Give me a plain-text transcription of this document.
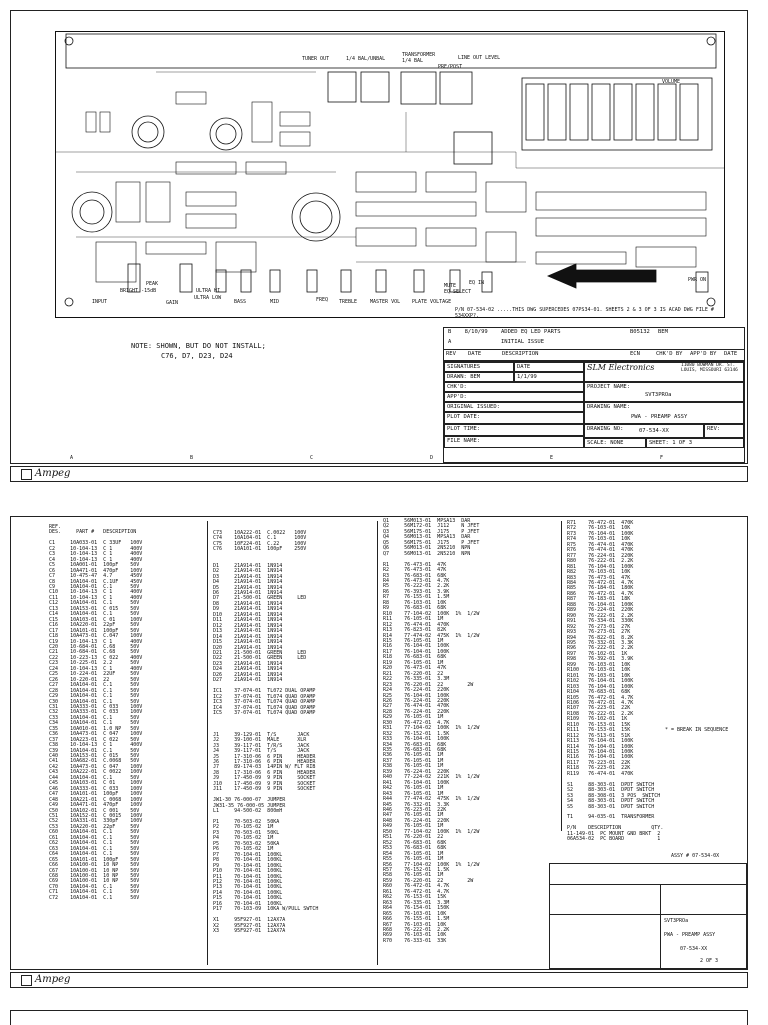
TUNER OUT	1/4 BAL/UNBAL
TRANSFORMER 1/4 BAL
PRE/POST
LINE OUT LEVEL
VOLUME
INPUT
PEAK
BRIGHT -15dB
GAIN
ULTRA HI
ULTRA LOW
BASS	MID	FREQ TREBLE	MASTER VOL PLATE VOLTAGE
MUTE
EQ SELECT
EQ IN	PWR ON
P/N 07-534-02 .....THIS DWG SUPERCEDES 07PS34-01. SHEETS 2 & 3 OF 3 IS ACAD DWG FILE # 534XXP?.
NOTE: SHOWN, BUT DO NOT INSTALL;
C76, D7, D23, D24
B 8/10/99 ADDED EQ LED PARTS	B05132 BEM
A	INITIAL ISSUE
REV DATE	DESCRIPTION	ECN	CHK'D BY APP'D BY DATE
SIGNATURES	DATE
DRAWN: BEM	1/1/99
CHK'D:
APP'D:
ORIGINAL ISSUED:
PLOT DATE:
PLOT TIME:
FILE NAME:
SLM Electronics	11080 BOWMAN DR. ST. LOUIS, MISSOURI 63146
PROJECT NAME:
SVT3PROa
DRAWING NAME:
PWA - PREAMP ASSY
DRAWING NO:	07-534-XX	REV:
SCALE: NONE	SHEET: 1 OF 3
Ampeg
A	B	C	D	E	F
REF.
DES.     PART #   DESCRIPTION

C1     10A033-01  C 33UF   100V
C2     10-104-13  C 1      400V
C3     10-104-13  C 1      400V
C4     10-104-13  C 1      400V
C5     10A001-01  100pF    50V
C6     10A471-01  470pF    100V
C7     10-475-47  4.7      450V
C8     10A104-01  C.1UF    450V
C9     10A104-01  C.1      50V
C10    10-104-13  C 1      400V
C11    10-104-13  C 1      400V
C12    10A104-01  C.1      50V
C13    10A153-01  C 015    50V
C14    10A104-01  C.1      50V
C15    10A103-01  C 01     100V
C16    10A220-01  22pF     50V
C17    10A101-01  100pF    50V
C18    10A473-01  C.047    100V
C19    10-104-13  C 1      400V
C20    10-684-01  C.68     50V
C21    10-684-01  C.68     50V
C22    10-223-13  C 022    400V
C23    10-225-01  2.2      50V
C24    10-104-13  C 1      400V
C25    10-224-01  22UF     50V
C26    10-220-01  22       50V
C27    10A104-01  C.1      50V
C28    10A104-01  C.1      50V
C29    10A104-01  C.1      50V
C30    10A104-01  C.1      50V
C31    10A333-01  C 033    100V
C32    10A333-01  C 033    100V
C33    10A104-01  C.1      50V
C34    10A104-01  C.1      50V
C35    10A010-01  1.0 NP   50V
C36    10A473-01  C 047    100V
C37    10A223-01  C 022    50V
C38    10-104-13  C 1      400V
C39    10A104-01  C.1      50V
C40    10A153-01  C 015    50V
C41    10A682-01  C.0068   50V
C42    10A473-01  C 047    100V
C43    10A222-01  C 0022   100V
C44    10A104-01  C.1      50V
C45    10A103-01  C 01     100V
C46    10A333-01  C 033    100V
C47    10A101-01  100pF    100V
C48    10A221-01  C 0068   100V
C49    10A471-01  470pF    100V
C50    10A102-01  C 001    50V
C51    10A152-01  C 0015   100V
C52    10A331-01  330pF    100V
C53    10A220-01  22pF     50V
C60    10A104-01  C.1      50V
C61    10A104-01  C.1      50V
C62    10A104-01  C.1      50V
C63    10A104-01  C.1      50V
C64    10A104-01  C.1      50V
C65    10A101-01  100pF    50V
C66    10A100-01  10 NP    50V
C67    10A100-01  10 NP    50V
C68    10A100-01  10 NP    50V
C69    10A100-01  10 NP    50V
C70    10A104-01  C.1      50V
C71    10A104-01  C.1      50V
C72    10A104-01  C.1      50V
C73    10A222-01  C.0022   100V
C74    10A104-01  C.1      100V
C75    10F224-01  C.22     100V
C76    10A101-01  100pF    250V

D1     21A914-01  1N914
D2     21A914-01  1N914
D3     21A914-01  1N914
D4     21A914-01  1N914
D5     21A914-01  1N914
D6     21A914-01  1N914
D7     21-500-01  GREEN     LED
D8     21A914-01  1N914
D9     21A914-01  1N914
D10    21A914-01  1N914
D11    21A914-01  1N914
D12    21A914-01  1N914
D13    21A914-01  1N914
D14    21A914-01  1N914
D15    21A914-01  1N914
D20    21A914-01  1N914
D21    21-500-01  GREEN     LED
D22    21-500-01  GREEN     LED
D23    21A914-01  1N914
D24    21A914-01  1N914
D26    21A914-01  1N914
D27    21A914-01  1N914

IC1    37-074-01  TL072 DUAL OPAMP
IC2    37-074-01  TL074 QUAD OPAMP
IC3    37-074-01  TL074 QUAD OPAMP
IC4    37-074-01  TL074 QUAD OPAMP
IC5    37-074-01  TL074 QUAD OPAMP

J1     39-129-01  T/S       JACK
J2     39-100-01  MALE      XLR
J3     39-117-01  T/R/S     JACK
J4     39-117-01  T/S       JACK
J5     17-310-06  6 PIN     HEADER
J6     17-310-06  6 PIN     HEADER
J7     89-174-03  14PIN W/ FLT RIB
J8     17-310-06  6 PIN     HEADER
J9     17-450-09  9 PIN     SOCKET
J10    17-450-09  9 PIN     SOCKET
J11    17-450-09  9 PIN     SOCKET

JW1-30 76-000-07  JUMPER
JW31-35 76-000-05 JUMPER
L1     94-500-02  800mH

P1     70-503-02  50KA
P2     70-105-02  1M
P3     70-503-01  50KL
P4     70-105-02  1M
P5     70-503-02  50KA
P6     70-105-02  1M
P7     70-104-01  100KL
P8     70-104-01  100KL
P9     70-104-01  100KL
P10    70-104-01  100KL
P11    70-104-01  100KL
P12    70-104-01  100KL
P13    70-104-01  100KL
P14    70-104-01  100KL
P15    70-104-01  100KL
P16    70-104-01  100KL
P17    70-103-09  10KA W/PULL SWTCH

X1     95F927-01  12AX7A
X2     95F927-01  12AX7A
X3     95F927-01  12AX7A
Q1     56M013-01  MPSA13  DAR
Q2     56M172-01  J112    N JFET
Q3     56M175-01  J175    P JFET
Q4     56M013-01  MPSA13  DAR
Q5     56M175-01  J175    P JFET
Q6     56M013-01  2N5210  NPN
Q7     56M013-01  2N5210  NPN

R1     76-473-01  47K
R2     76-473-01  47K
R3     76-683-01  68K
R4     76-473-01  4.7K
R5     76-222-01  2.2K
R6     76-393-01  3.9K
R7     76-155-01  1.5M
R8     76-103-01  10K
R9     76-683-01  68K
R10    77-104-02  100K  1%  1/2W
R11    76-105-01  1M
R12    76-474-01  470K
R13    76-823-01  82K
R14    77-474-02  475K  1%  1/2W
R15    76-105-01  1M
R16    76-104-01  100K
R17    76-104-01  100K
R18    76-683-01  68K
R19    76-105-01  1M
R20    76-473-01  47K
R21    76-220-01  22
R22    76-335-01  3.3M
R23    76-220-01  22        2W
R24    76-224-01  220K
R25    76-104-01  100K
R26    76-224-01  220K
R27    76-474-01  470K
R28    76-224-01  220K
R29    76-105-01  1M
R30    76-472-01  4.7K
R31    77-104-02  100K  1%  1/2W
R32    76-152-01  1.5K
R33    76-104-01  100K
R34    76-683-01  68K
R35    76-683-01  68K
R36    76-105-01  1M
R37    76-105-01  1M
R38    76-105-01  1M
R39    76-224-01  220K
R40    77-224-02  221K  1%  1/2W
R41    76-104-01  100K
R42    76-105-01  1M
R43    76-105-01  1M
R44    77-474-02  475K  1%  1/2W
R45    76-332-01  3.3K
R46    76-223-01  22K
R47    76-105-01  1M
R48    76-224-01  220K
R49    76-105-01  1M
R50    77-104-02  100K  1%  1/2W
R51    76-220-01  22
R52    76-683-01  68K
R53    76-683-01  68K
R54    76-105-01  1M
R55    76-105-01  1M
R56    77-104-02  100K  1%  1/2W
R57    76-152-01  1.5K
R58    76-105-01  1M
R59    76-220-01  22        2W
R60    76-472-01  4.7K
R61    76-472-01  4.7K
R62    76-153-01  15K
R63    76-335-01  3.3M
R64    76-154-01  150K
R65    76-103-01  10K
R66    76-155-01  1.5M
R67    76-103-01  10K
R68    76-222-01  2.2K
R69    76-103-01  10K
R70    76-333-01  33K
R71    76-472-01  470K
R72    76-103-01  10K
R73    76-104-01  100K
R74    76-103-01  10K
R75    76-474-01  470K
R76    76-474-01  470K
R77    76-224-01  220K
R80    76-222-01  2.2K
R81    76-104-01  100K
R82    76-103-01  10K
R83    76-473-01  47K
R84    76-472-01  4.7K
R85    76-184-01  180K
R86    76-472-01  4.7K
R87    76-183-01  18K
R88    76-104-01  100K
R89    76-224-01  220K
R90    76-222-01  2.2K
R91    76-334-01  330K
R92    76-273-01  27K
R93    76-273-01  27K
R94    76-822-01  8.2K
R95    76-332-01  3.3K
R96    76-222-01  2.2K
R97    76-102-01  1K
R98    76-392-01  3.9K
R99    76-103-01  10K
R100   76-103-01  10K
R101   76-103-01  10K
R102   76-104-01  100K
R103   76-104-01  100K
R104   76-683-01  68K
R105   76-472-01  4.7K
R106   76-472-01  4.7K
R107   76-223-01  22K
R108   76-222-01  2.2K
R109   76-102-01  1K
R110   76-153-01  15K
R111   76-153-01  15K
R112   76-513-01  51K
R113   76-104-01  100K
R114   76-104-01  100K
R115   76-104-01  100K
R116   76-104-01  100K
R117   76-223-01  22K
R118   76-223-01  22K
R119   76-474-01  470K

S1     88-303-01  DPDT SWITCH
S2     88-303-01  DPDT SWITCH
S3     88-308-01  3 POS  SWITCH
S4     88-303-01  DPDT SWITCH
S5     88-303-01  DPDT SWITCH

T1     94-035-01  TRANSFORMER

P/N    DESCRIPTION          QTY.
11-149-01  PC MOUNT GND BRKT  2
06A534-02  PC BOARD           1
* = BREAK IN SEQUENCE
ASSY # 07-534-0X
SVT3PROa
PWA - PREAMP ASSY
07-534-XX
2 OF 3
Ampeg
